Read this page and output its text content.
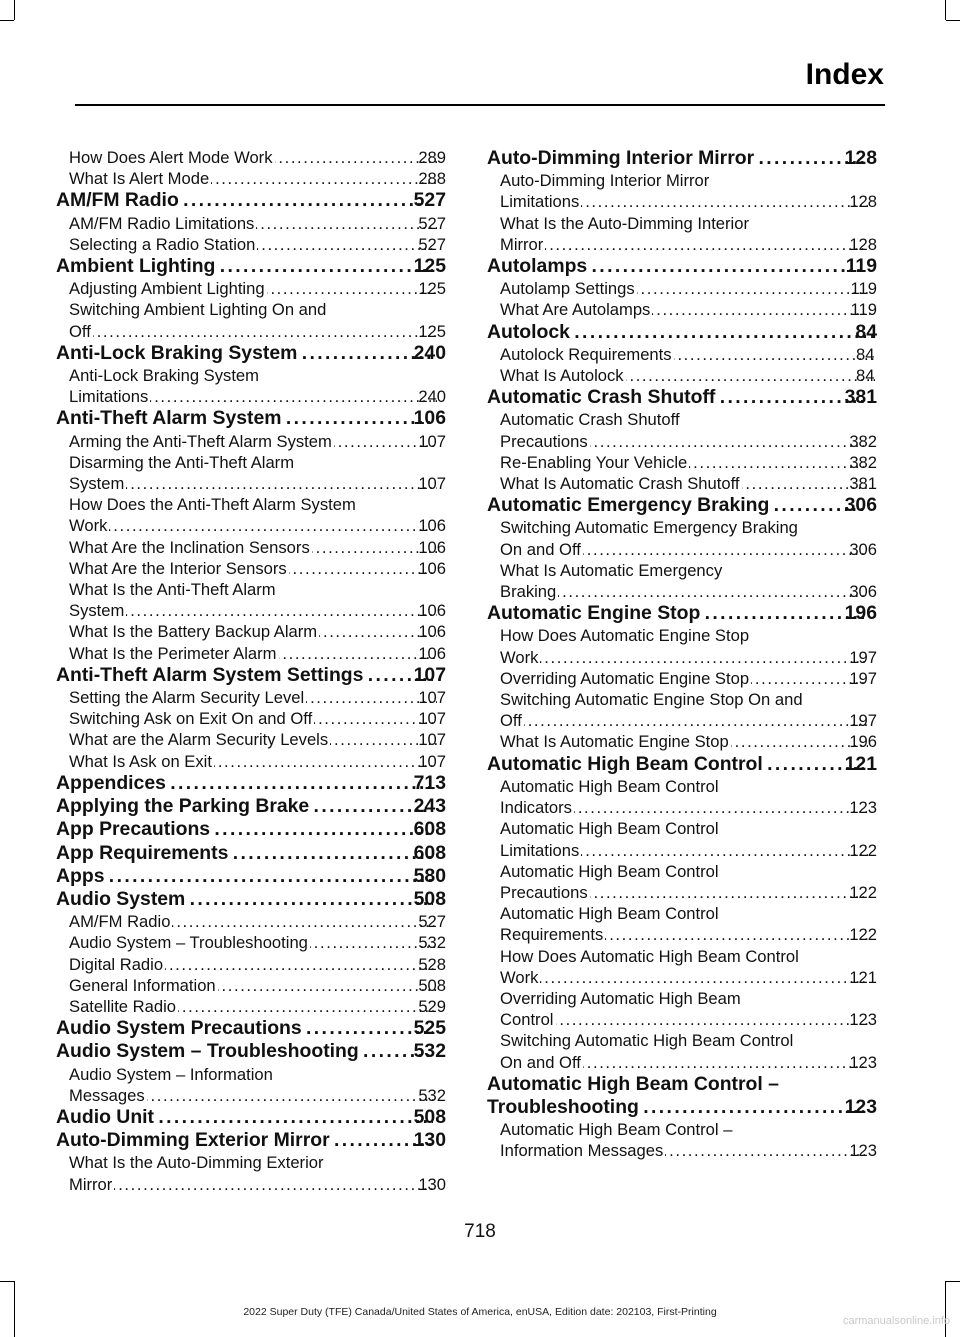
Index
How Does Alert Mode Work . . .	289
What Is Alert Mode . . .	288
AM/FM Radio . . .	527
AM/FM Radio Limitations . . .	527
Selecting a Radio Station . . .	527
Ambient Lighting . . .	125
Adjusting Ambient Lighting . . .	125
Switching Ambient Lighting On and
Off . . .	125
Anti-Lock Braking System . . .	240
Anti-Lock Braking System
Limitations . . .	240
Anti-Theft Alarm System . . .	106
Arming the Anti-Theft Alarm System . . .	107
Disarming the Anti-Theft Alarm
System . . .	107
How Does the Anti-Theft Alarm System
Work . . .	106
What Are the Inclination Sensors . . .	106
What Are the Interior Sensors . . .	106
What Is the Anti-Theft Alarm
System . . .	106
What Is the Battery Backup Alarm . . .	106
What Is the Perimeter Alarm . . .	106
Anti-Theft Alarm System Settings . . .	107
Setting the Alarm Security Level . . .	107
Switching Ask on Exit On and Off . . .	107
What are the Alarm Security Levels . . .	107
What Is Ask on Exit . . .	107
Appendices . . .	713
Applying the Parking Brake . . .	243
App Precautions . . .	608
App Requirements . . .	608
Apps . . .	580
Audio System . . .	508
AM/FM Radio . . .	527
Audio System – Troubleshooting . . .	532
Digital Radio . . .	528
General Information . . .	508
Satellite Radio . . .	529
Audio System Precautions . . .	525
Audio System – Troubleshooting . . .	532
Audio System – Information
Messages . . .	532
Audio Unit . . .	508
Auto-Dimming Exterior Mirror . . .	130
What Is the Auto-Dimming Exterior
Mirror . . .	130
Auto-Dimming Interior Mirror . . .	128
Auto-Dimming Interior Mirror
Limitations . . .	128
What Is the Auto-Dimming Interior
Mirror . . .	128
Autolamps . . .	119
Autolamp Settings . . .	119
What Are Autolamps . . .	119
Autolock . . .	84
Autolock Requirements . . .	84
What Is Autolock . . .	84
Automatic Crash Shutoff . . .	381
Automatic Crash Shutoff
Precautions . . .	382
Re-Enabling Your Vehicle . . .	382
What Is Automatic Crash Shutoff . . .	381
Automatic Emergency Braking . . .	306
Switching Automatic Emergency Braking
On and Off . . .	306
What Is Automatic Emergency
Braking . . .	306
Automatic Engine Stop . . .	196
How Does Automatic Engine Stop
Work . . .	197
Overriding Automatic Engine Stop . . .	197
Switching Automatic Engine Stop On and
Off . . .	197
What Is Automatic Engine Stop . . .	196
Automatic High Beam Control . . .	121
Automatic High Beam Control
Indicators . . .	123
Automatic High Beam Control
Limitations . . .	122
Automatic High Beam Control
Precautions . . .	122
Automatic High Beam Control
Requirements . . .	122
How Does Automatic High Beam Control
Work . . .	121
Overriding Automatic High Beam
Control . . .	123
Switching Automatic High Beam Control
On and Off . . .	123
Automatic High Beam Control –
Troubleshooting . . .	123
Automatic High Beam Control –
Information Messages . . .	123

718

2022 Super Duty (TFE) Canada/United States of America, enUSA, Edition date: 202103, First-Printing

carmanualsonline.info
